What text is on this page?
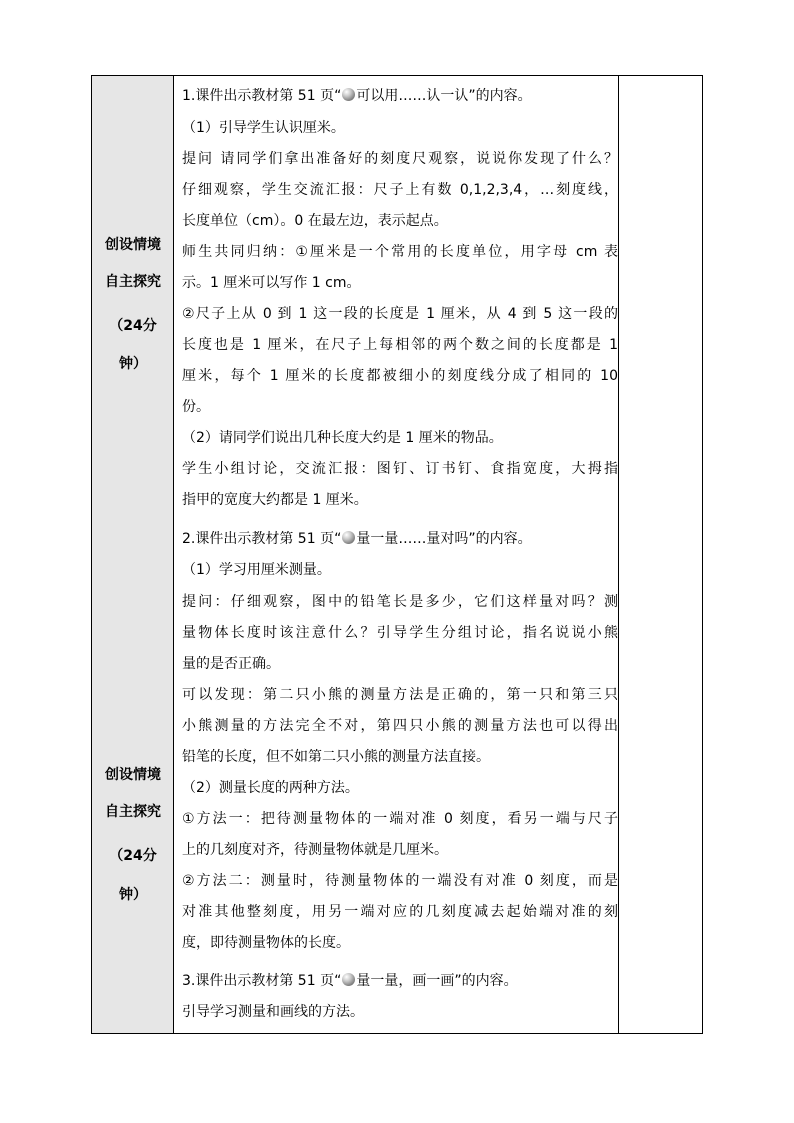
创设情境
自主探究
（24分
钟）
创设情境
自主探究
（24分
钟）
1.课件出示教材第 51 页“ 可以用……认一认”的内容。
（1）引导学生认识厘米。
提问 请同学们拿出准备好的刻度尺观察，说说你发现了什么？
仔细观察，学生交流汇报：尺子上有数 0,1,2,3,4，…刻度线，
长度单位（cm）。0 在最左边，表示起点。
师生共同归纳：①厘米是一个常用的长度单位，用字母 cm 表
示。1 厘米可以写作 1 cm。
②尺子上从 0 到 1 这一段的长度是 1 厘米，从 4 到 5 这一段的
长度也是 1 厘米，在尺子上每相邻的两个数之间的长度都是 1
厘米，每个 1 厘米的长度都被细小的刻度线分成了相同的 10
份。
（2）请同学们说出几种长度大约是 1 厘米的物品。
学生小组讨论，交流汇报：图钉、订书钉、食指宽度，大拇指
指甲的宽度大约都是 1 厘米。
2.课件出示教材第 51 页“ 量一量……量对吗”的内容。
（1）学习用厘米测量。
提问：仔细观察，图中的铅笔长是多少，它们这样量对吗？测
量物体长度时该注意什么？引导学生分组讨论，指名说说小熊
量的是否正确。
可以发现：第二只小熊的测量方法是正确的，第一只和第三只
小熊测量的方法完全不对，第四只小熊的测量方法也可以得出
铅笔的长度，但不如第二只小熊的测量方法直接。
（2）测量长度的两种方法。
①方法一：把待测量物体的一端对准 0 刻度，看另一端与尺子
上的几刻度对齐，待测量物体就是几厘米。
②方法二：测量时，待测量物体的一端没有对准 0 刻度，而是
对准其他整刻度，用另一端对应的几刻度减去起始端对准的刻
度，即待测量物体的长度。
3.课件出示教材第 51 页“ 量一量，画一画”的内容。
引导学习测量和画线的方法。
